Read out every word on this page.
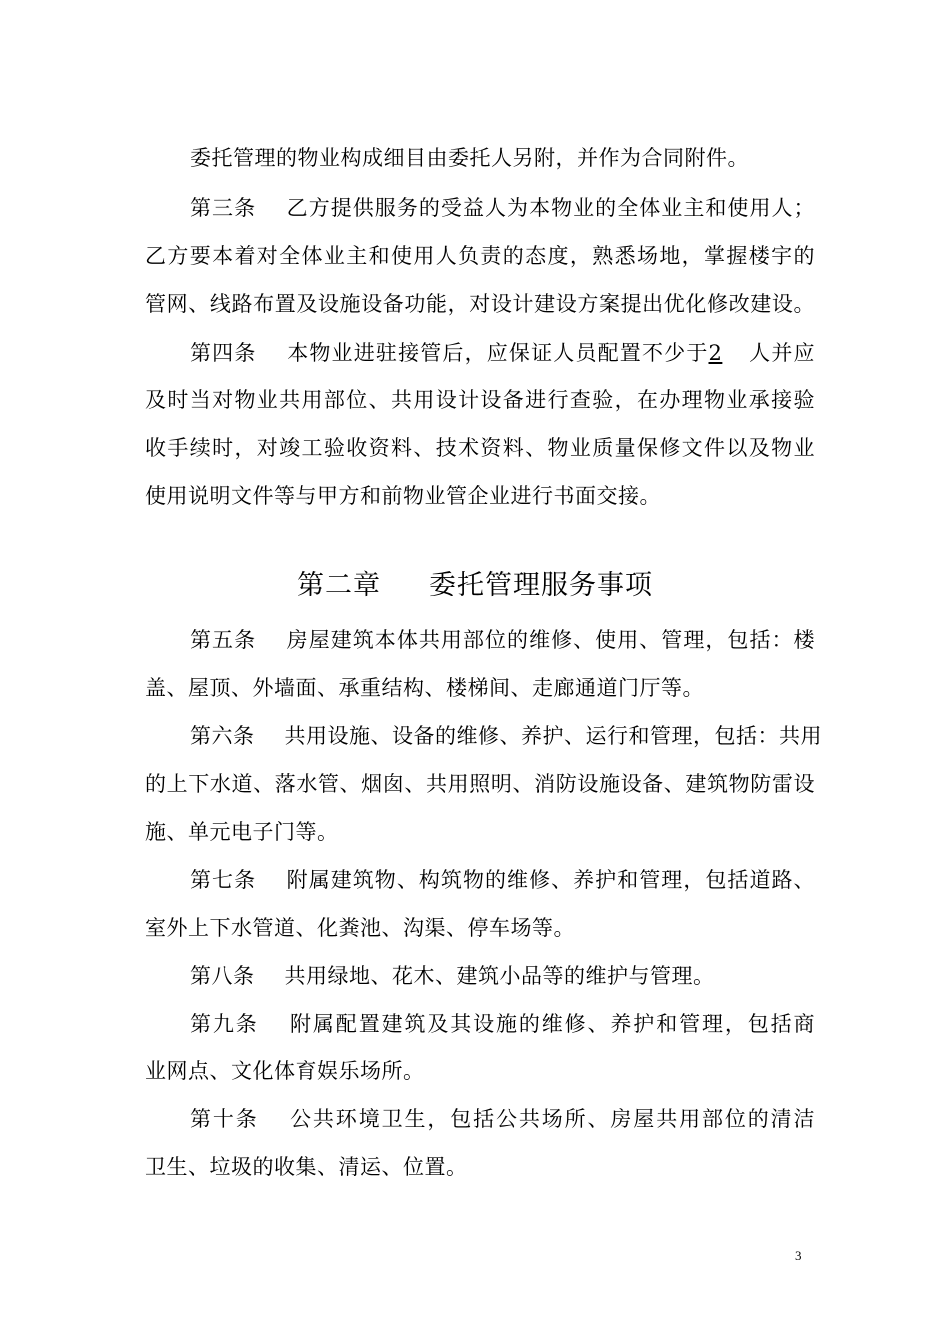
委托管理的物业构成细目由委托人另附，并作为合同附件。
第三条 乙方提供服务的受益人为本物业的全体业主和使用人；
乙方要本着对全体业主和使用人负责的态度，熟悉场地，掌握楼宇的
管网、线路布置及设施设备功能，对设计建设方案提出优化修改建设。
第四条 本物业进驻接管后，应保证人员配置不少于2 人并应
及时当对物业共用部位、共用设计设备进行查验，在办理物业承接验
收手续时，对竣工验收资料、技术资料、物业质量保修文件以及物业
使用说明文件等与甲方和前物业管企业进行书面交接。
第二章 委托管理服务事项
第五条 房屋建筑本体共用部位的维修、使用、管理，包括：楼
盖、屋顶、外墙面、承重结构、楼梯间、走廊通道门厅等。
第六条 共用设施、设备的维修、养护、运行和管理，包括：共用
的上下水道、落水管、烟囱、共用照明、消防设施设备、建筑物防雷设
施、单元电子门等。
第七条 附属建筑物、构筑物的维修、养护和管理，包括道路、
室外上下水管道、化粪池、沟渠、停车场等。
第八条 共用绿地、花木、建筑小品等的维护与管理。
第九条 附属配置建筑及其设施的维修、养护和管理，包括商
业网点、文化体育娱乐场所。
第十条 公共环境卫生，包括公共场所、房屋共用部位的清洁
卫生、垃圾的收集、清运、位置。
3
